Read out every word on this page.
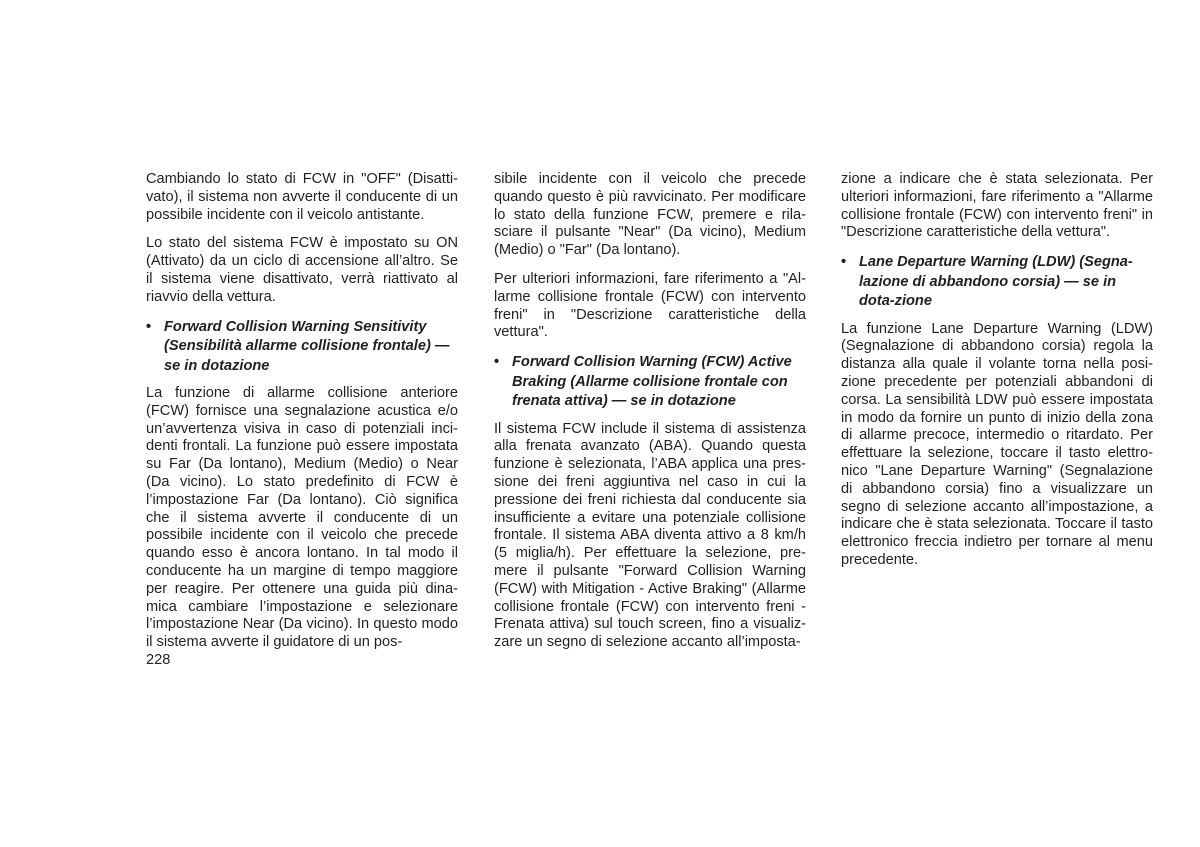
Cambiando lo stato di FCW in "OFF" (Disatti-vato), il sistema non avverte il conducente di un possibile incidente con il veicolo antistante.

Lo stato del sistema FCW è impostato su ON (Attivato) da un ciclo di accensione all’altro. Se il sistema viene disattivato, verrà riattivato al riavvio della vettura.

• Forward Collision Warning Sensitivity (Sensibilità allarme collisione frontale) — se in dotazione

La funzione di allarme collisione anteriore (FCW) fornisce una segnalazione acustica e/o un’avvertenza visiva in caso di potenziali inci-denti frontali. La funzione può essere impostata su Far (Da lontano), Medium (Medio) o Near (Da vicino). Lo stato predefinito di FCW è l’impostazione Far (Da lontano). Ciò significa che il sistema avverte il conducente di un possibile incidente con il veicolo che precede quando esso è ancora lontano. In tal modo il conducente ha un margine di tempo maggiore per reagire. Per ottenere una guida più dina-mica cambiare l’impostazione e selezionare l’impostazione Near (Da vicino). In questo modo il sistema avverte il guidatore di un pos-

sibile incidente con il veicolo che precede quando questo è più ravvicinato. Per modificare lo stato della funzione FCW, premere e rila-sciare il pulsante "Near" (Da vicino), Medium (Medio) o "Far" (Da lontano).

Per ulteriori informazioni, fare riferimento a "Al-larme collisione frontale (FCW) con intervento freni" in "Descrizione caratteristiche della vettura".

• Forward Collision Warning (FCW) Active Braking (Allarme collisione frontale con frenata attiva) — se in dotazione

Il sistema FCW include il sistema di assistenza alla frenata avanzato (ABA). Quando questa funzione è selezionata, l’ABA applica una pres-sione dei freni aggiuntiva nel caso in cui la pressione dei freni richiesta dal conducente sia insufficiente a evitare una potenziale collisione frontale. Il sistema ABA diventa attivo a 8 km/h (5 miglia/h). Per effettuare la selezione, pre-mere il pulsante "Forward Collision Warning (FCW) with Mitigation - Active Braking" (Allarme collisione frontale (FCW) con intervento freni - Frenata attiva) sul touch screen, fino a visualiz-zare un segno di selezione accanto all’imposta-

zione a indicare che è stata selezionata. Per ulteriori informazioni, fare riferimento a "Allarme collisione frontale (FCW) con intervento freni" in "Descrizione caratteristiche della vettura".

• Lane Departure Warning (LDW) (Segna-lazione di abbandono corsia) — se in dota-zione

La funzione Lane Departure Warning (LDW) (Segnalazione di abbandono corsia) regola la distanza alla quale il volante torna nella posi-zione precedente per potenziali abbandoni di corsa. La sensibilità LDW può essere impostata in modo da fornire un punto di inizio della zona di allarme precoce, intermedio o ritardato. Per effettuare la selezione, toccare il tasto elettro-nico "Lane Departure Warning" (Segnalazione di abbandono corsia) fino a visualizzare un segno di selezione accanto all’impostazione, a indicare che è stata selezionata. Toccare il tasto elettronico freccia indietro per tornare al menu precedente.

228
